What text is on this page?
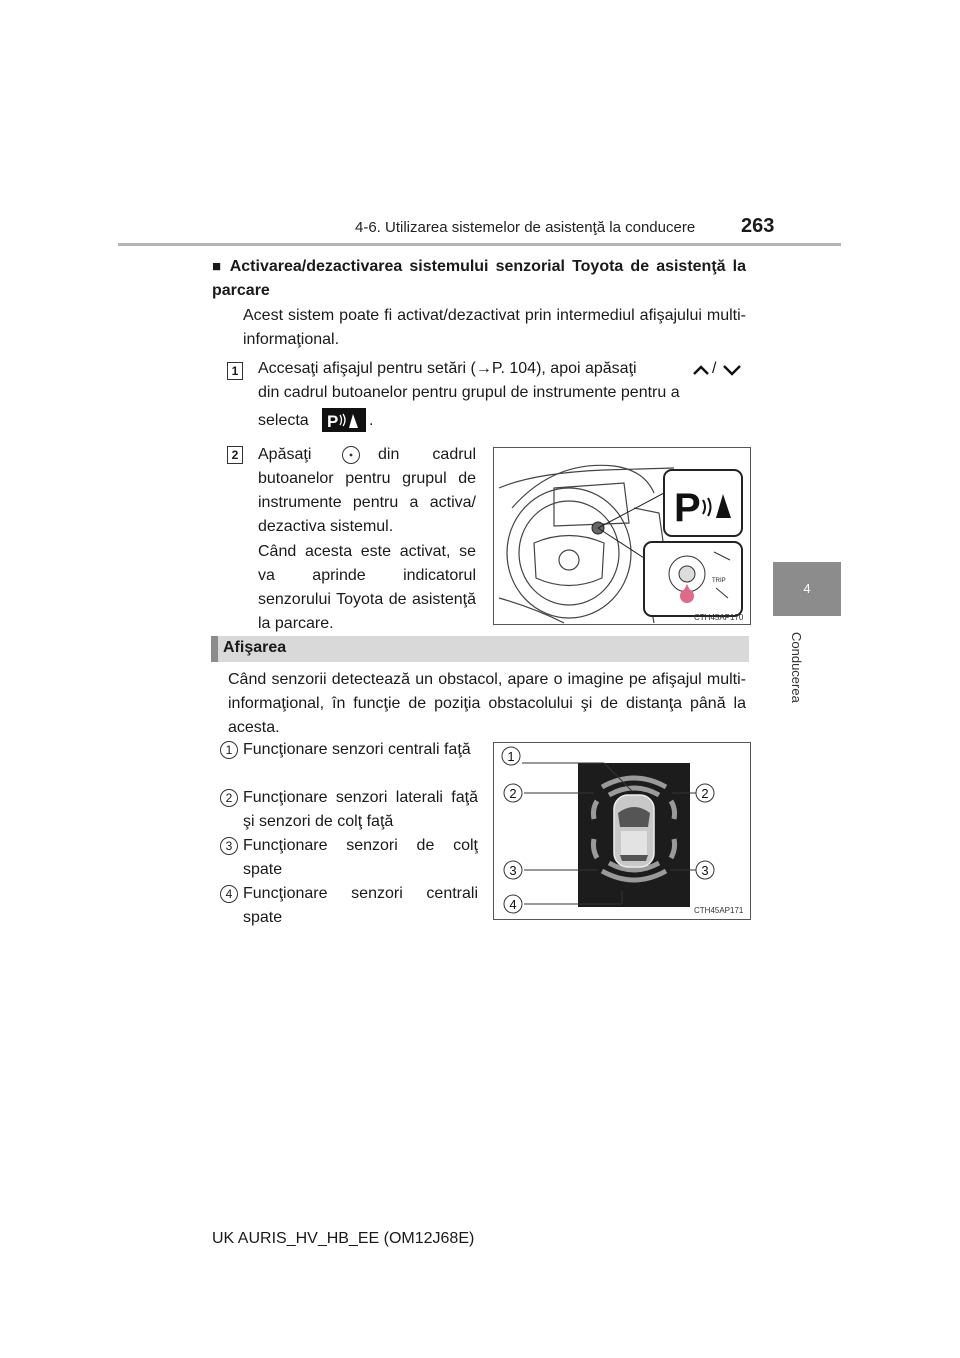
4-6. Utilizarea sistemelor de asistenţă la conducere 263
4
Conducerea
■ Activarea/dezactivarea sistemului senzorial Toyota de asistenţă la parcare
Acest sistem poate fi activat/dezactivat prin intermediul afişajului multi-informaţional.
1 Accesaţi afişajul pentru setări (→P. 104), apoi apăsaţi	/
din cadrul butoanelor pentru grupul de instrumente pentru a
selecta P .
2 Apăsaţi	din cadrul butoanelor pentru grupul de instrumente pentru a activa/ dezactiva sistemul.
Când acesta este activat, se va aprinde indicatorul senzorului Toyota de asistenţă la parcare.
P
TRIP
CTH45AP170
Afişarea
Când senzorii detectează un obstacol, apare o imagine pe afişajul multi-informaţional, în funcţie de poziţia obstacolului şi de distanţa până la acesta.
1 Funcţionare senzori centrali faţă
2 Funcţionare senzori laterali faţă şi senzori de colţ faţă
3 Funcţionare senzori de colţ spate
4 Funcţionare senzori centrali spate
1
2	2
3	3
4	CTH45AP171
UK AURIS_HV_HB_EE (OM12J68E)
